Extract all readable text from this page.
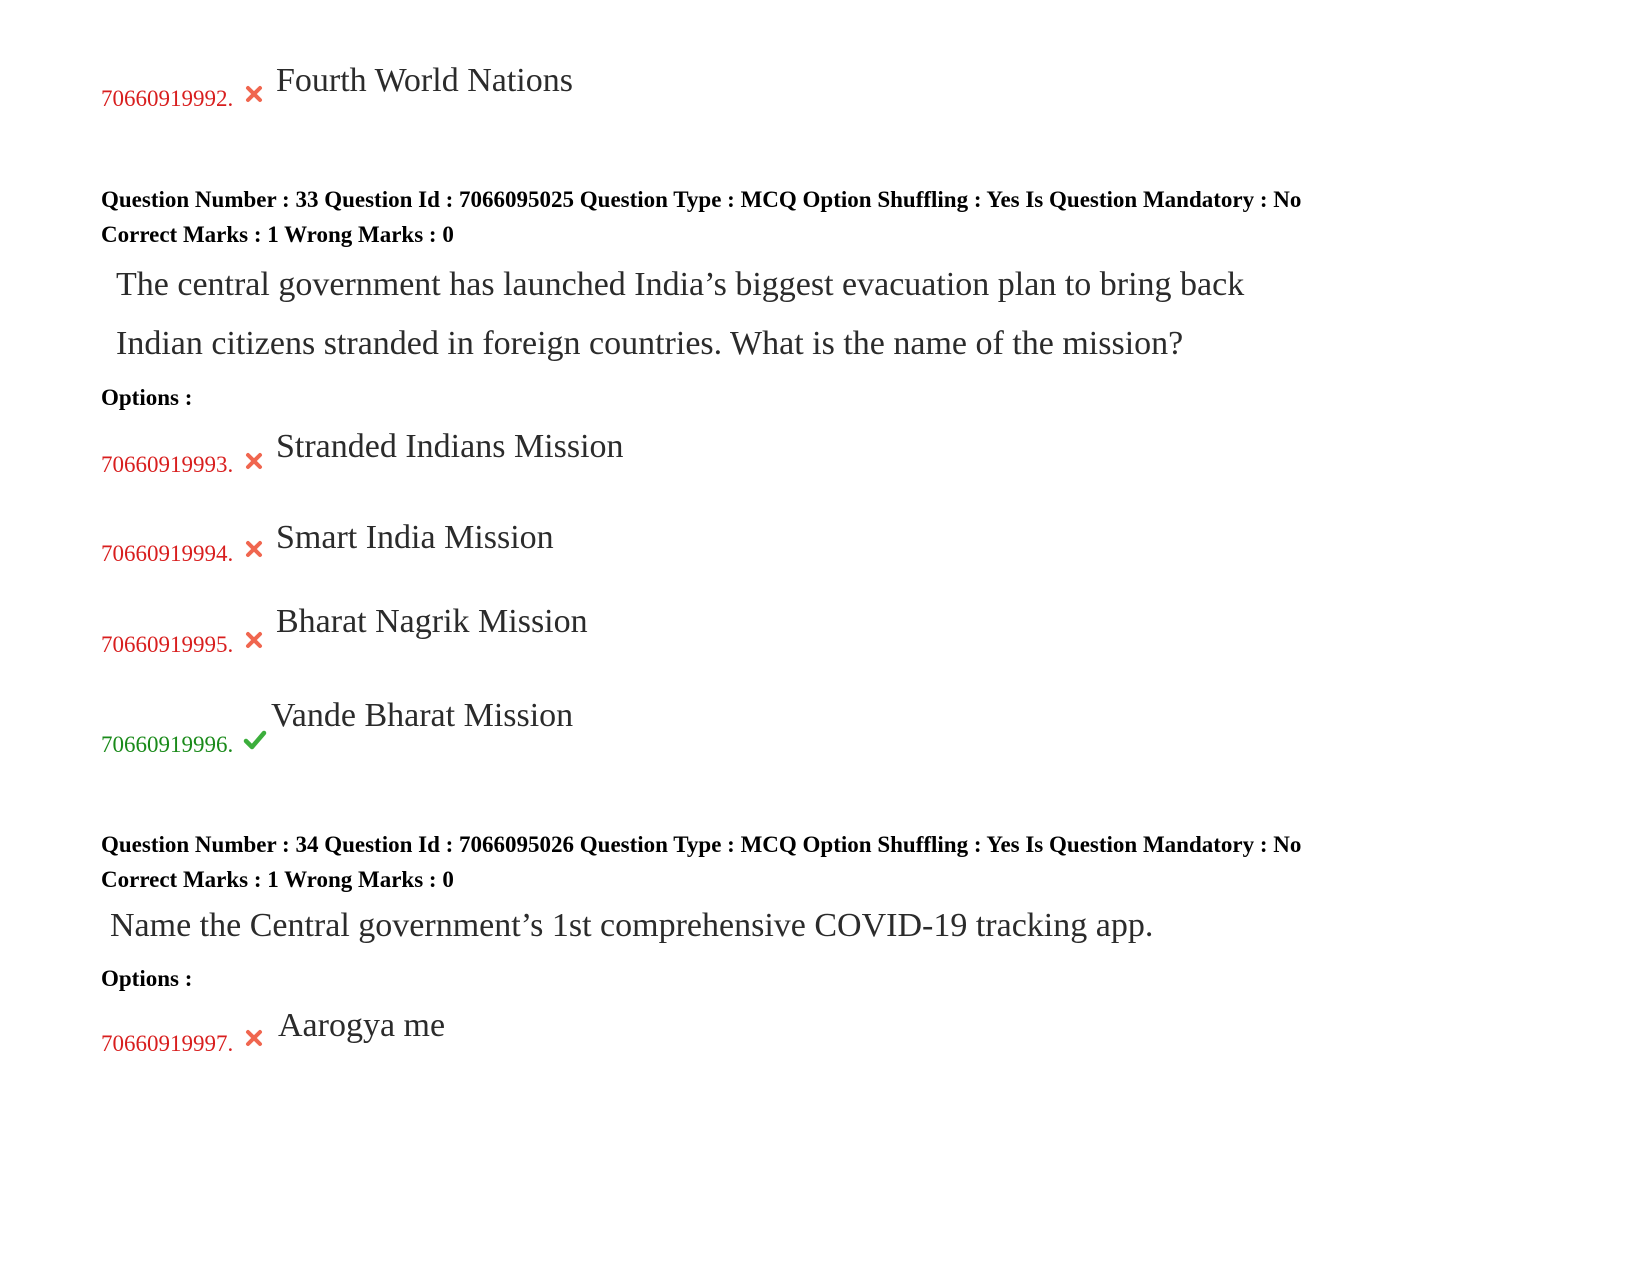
70660919992. Fourth World Nations
Question Number : 33 Question Id : 7066095025 Question Type : MCQ Option Shuffling : Yes Is Question Mandatory : No
Correct Marks : 1 Wrong Marks : 0
The central government has launched India’s biggest evacuation plan to bring back
Indian citizens stranded in foreign countries. What is the name of the mission?
Options :
70660919993. Stranded Indians Mission
70660919994. Smart India Mission
70660919995.
Bharat Nagrik Mission
70660919996.
Vande Bharat Mission
Question Number : 34 Question Id : 7066095026 Question Type : MCQ Option Shuffling : Yes Is Question Mandatory : No
Correct Marks : 1 Wrong Marks : 0
Name the Central government’s 1st comprehensive COVID-19 tracking app.
Options :
70660919997. Aarogya me
